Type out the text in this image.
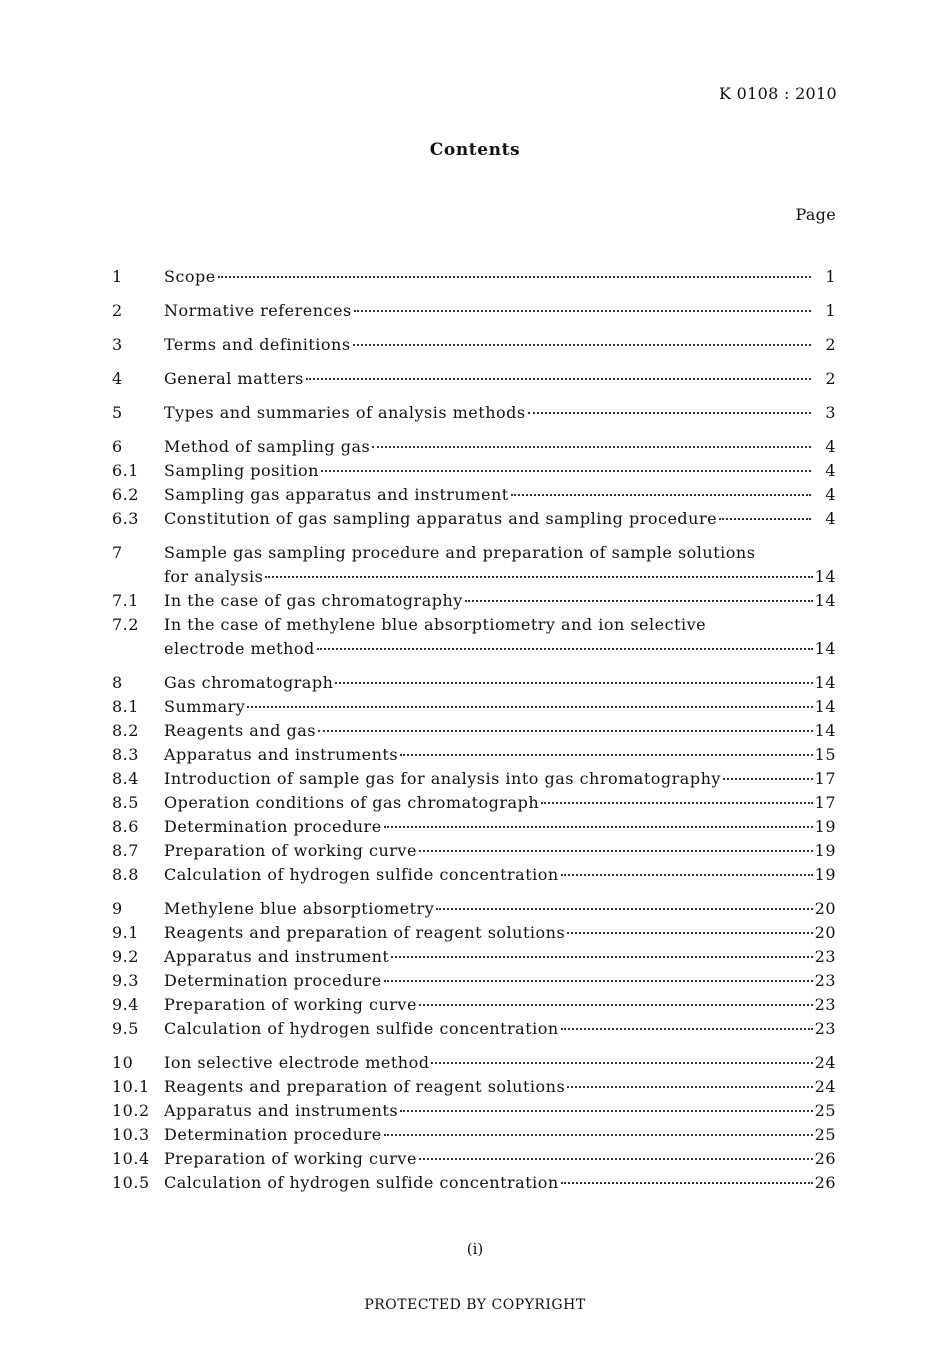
K 0108 : 2010
Contents
Page
1	Scope	1
2	Normative references	1
3	Terms and definitions	2
4	General matters	2
5	Types and summaries of analysis methods	3
6	Method of sampling gas	4
6.1	Sampling position	4
6.2	Sampling gas apparatus and instrument	4
6.3	Constitution of gas sampling apparatus and sampling procedure	4
7	Sample gas sampling procedure and preparation of sample solutions
for analysis	14
7.1	In the case of gas chromatography	14
7.2	In the case of methylene blue absorptiometry and ion selective
electrode method	14
8	Gas chromatograph	14
8.1	Summary	14
8.2	Reagents and gas	14
8.3	Apparatus and instruments	15
8.4	Introduction of sample gas for analysis into gas chromatography	17
8.5	Operation conditions of gas chromatograph	17
8.6	Determination procedure	19
8.7	Preparation of working curve	19
8.8	Calculation of hydrogen sulfide concentration	19
9	Methylene blue absorptiometry	20
9.1	Reagents and preparation of reagent solutions	20
9.2	Apparatus and instrument	23
9.3	Determination procedure	23
9.4	Preparation of working curve	23
9.5	Calculation of hydrogen sulfide concentration	23
10	Ion selective electrode method	24
10.1 Reagents and preparation of reagent solutions	24
10.2 Apparatus and instruments	25
10.3 Determination procedure	25
10.4 Preparation of working curve	26
10.5 Calculation of hydrogen sulfide concentration	26
(i)
PROTECTED BY COPYRIGHT
